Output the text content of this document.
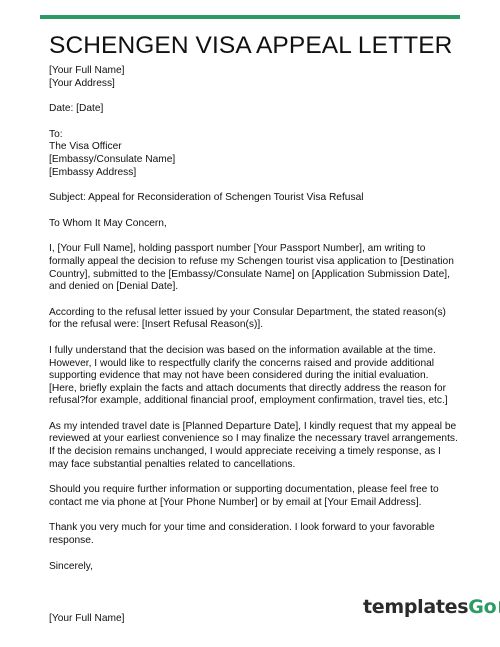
SCHENGEN VISA APPEAL LETTER

[Your Full Name]

[Your Address]

Date: [Date]

To:

The Visa Officer

[Embassy/Consulate Name]

[Embassy Address]

Subject: Appeal for Reconsideration of Schengen Tourist Visa Refusal

To Whom It May Concern,

I, [Your Full Name], holding passport number [Your Passport Number], am writing to formally appeal the decision to refuse my Schengen tourist visa application to [Destination Country], submitted to the [Embassy/Consulate Name] on [Application Submission Date], and denied on [Denial Date].

According to the refusal letter issued by your Consular Department, the stated reason(s) for the refusal were: [Insert Refusal Reason(s)].

I fully understand that the decision was based on the information available at the time. However, I would like to respectfully clarify the concerns raised and provide additional supporting evidence that may not have been considered during the initial evaluation. [Here, briefly explain the facts and attach documents that directly address the reason for refusal?for example, additional financial proof, employment confirmation, travel ties, etc.]

As my intended travel date is [Planned Departure Date], I kindly request that my appeal be reviewed at your earliest convenience so I may finalize the necessary travel arrangements. If the decision remains unchanged, I would appreciate receiving a timely response, as I may face substantial penalties related to cancellations.

Should you require further information or supporting documentation, please feel free to contact me via phone at [Your Phone Number] or by email at [Your Email Address].

Thank you very much for your time and consideration. I look forward to your favorable response.

Sincerely,

[Your Full Name]

templatesGo
